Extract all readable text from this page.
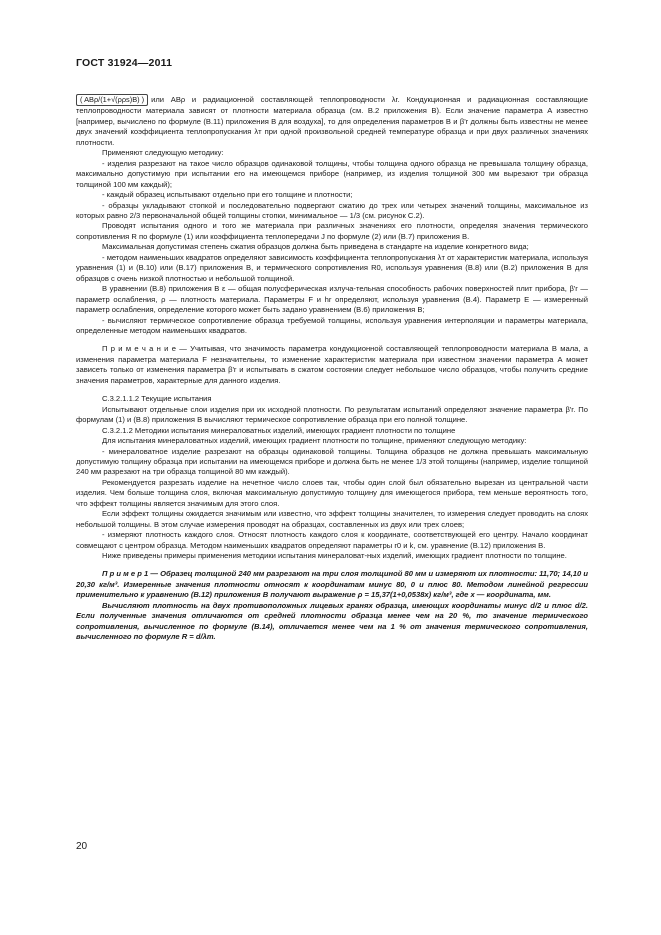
ГОСТ 31924—2011

( ABρ/(1+√(ρρs)B) ) или ABρ и радиационной составляющей теплопроводности λr. Кондукционная и радиационная составляющие теплопроводности материала зависят от плотности материала образца (см. В.2 приложения В). Если значение параметра A известно [например, вычислено по формуле (В.11) приложения В для воздуха], то для определения параметров B и β'r должны быть известны не менее двух значений коэффициента теплопропускания λт при одной произвольной средней температуре образца и при двух различных значениях плотности.

Применяют следующую методику:

- изделия разрезают на такое число образцов одинаковой толщины, чтобы толщина одного образца не превышала толщину образца, максимально допустимую при испытании его на имеющемся приборе (например, из изделия толщиной 300 мм вырезают три образца толщиной 100 мм каждый);

- каждый образец испытывают отдельно при его толщине и плотности;

- образцы укладывают стопкой и последовательно подвергают сжатию до трех или четырех значений толщины, максимальное из которых равно 2/3 первоначальной общей толщины стопки, минимальное — 1/3 (см. рисунок С.2).

Проводят испытания одного и того же материала при различных значениях его плотности, определяя значения термического сопротивления R по формуле (1) или коэффициента теплопередачи J по формуле (2) или (В.7) приложения В.

Максимальная допустимая степень сжатия образцов должна быть приведена в стандарте на изделие конкретного вида;

- методом наименьших квадратов определяют зависимость коэффициента теплопропускания λт от характеристик материала, используя уравнения (1) и (В.10) или (В.17) приложения В, и термического сопротивления R0, используя уравнения (В.8) или (В.2) приложения В для образцов с очень низкой плотностью и небольшой толщиной.

В уравнении (В.8) приложения В ε — общая полусферическая излуча-тельная способность рабочих поверхностей плит прибора, β'r — параметр ослабления, ρ — плотность материала. Параметры F и hr определяют, используя уравнения (В.4). Параметр E — измеренный параметр ослабления, определение которого может быть задано уравнением (В.6) приложения В;

- вычисляют термическое сопротивление образца требуемой толщины, используя уравнения интерполяции и параметры материала, определенные методом наименьших квадратов.

П р и м е ч а н и е — Учитывая, что значимость параметра кондукционной составляющей теплопроводности материала B мала, а изменения параметра материала F незначительны, то изменение характеристик материала при известном значении параметра A может зависеть только от изменения параметра β'r и испытывать в сжатом состоянии следует небольшое число образцов, чтобы получить средние значения параметров, характерные для данного изделия.

С.3.2.1.1.2 Текущие испытания

Испытывают отдельные слои изделия при их исходной плотности. По результатам испытаний определяют значение параметра β'r. По формулам (1) и (В.8) приложения В вычисляют термическое сопротивление образца при его полной толщине.

С.3.2.1.2 Методики испытания минераловатных изделий, имеющих градиент плотности по толщине

Для испытания минераловатных изделий, имеющих градиент плотности по толщине, применяют следующую методику:

- минераловатное изделие разрезают на образцы одинаковой толщины. Толщина образцов не должна превышать максимальную допустимую толщину образца при испытании на имеющемся приборе и должна быть не менее 1/3 этой толщины (например, изделие толщиной 240 мм разрезают на три образца толщиной 80 мм каждый).

Рекомендуется разрезать изделие на нечетное число слоев так, чтобы один слой был обязательно вырезан из центральной части изделия. Чем больше толщина слоя, включая максимальную допустимую толщину для имеющегося прибора, тем меньше вероятность того, что эффект толщины является значимым для этого слоя.

Если эффект толщины ожидается значимым или известно, что эффект толщины значителен, то измерения следует проводить на слоях небольшой толщины. В этом случае измерения проводят на образцах, составленных из двух или трех слоев;

- измеряют плотность каждого слоя. Относят плотность каждого слоя к координате, соответствующей его центру. Начало координат совмещают с центром образца. Методом наименьших квадратов определяют параметры r0 и k, см. уравнение (В.12) приложения В.

Ниже приведены примеры применения методики испытания минераловат-ных изделий, имеющих градиент плотности по толщине.

П р и м е р 1 — Образец толщиной 240 мм разрезают на три слоя толщиной 80 мм и измеряют их плотности: 11,70; 14,10 и 20,30 кг/м³. Измеренные значения плотности относят к координатам минус 80, 0 и плюс 80. Методом линейной регрессии применительно к уравнению (В.12) приложения В получают выражение ρ = 15,37(1+0,0538x) кг/м³, где x — координата, мм.

Вычисляют плотность на двух противоположных лицевых гранях образца, имеющих координаты минус d/2 и плюс d/2. Если полученные значения отличаются от средней плотности образца менее чем на 20 %, то значение термического сопротивления, вычисленное по формуле (В.14), отличается менее чем на 1 % от значения термического сопротивления, вычисленного по формуле R = d/λт.

20
